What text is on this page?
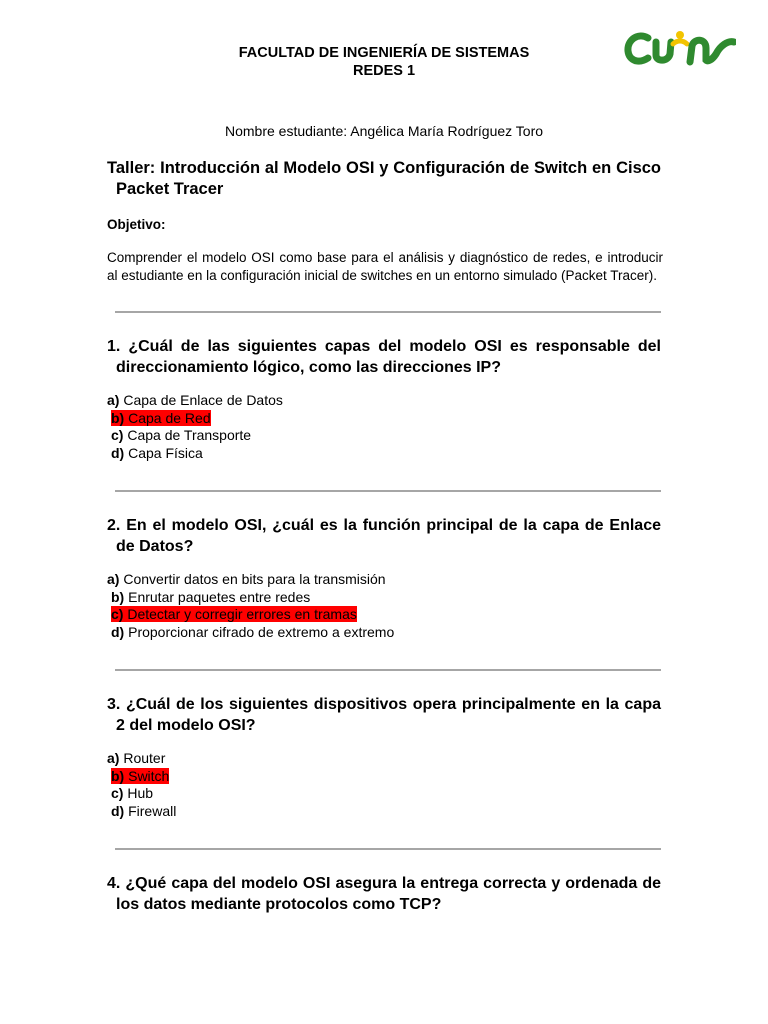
FACULTAD DE INGENIERÍA DE SISTEMAS
REDES 1
Nombre estudiante: Angélica María Rodríguez Toro
Taller: Introducción al Modelo OSI y Configuración de Switch en Cisco Packet Tracer
Objetivo:
Comprender el modelo OSI como base para el análisis y diagnóstico de redes, e introducir
al estudiante en la configuración inicial de switches en un entorno simulado (Packet Tracer).
1. ¿Cuál de las siguientes capas del modelo OSI es responsable del direccionamiento lógico, como las direcciones IP?
a) Capa de Enlace de Datos
b) Capa de Red
c) Capa de Transporte
d) Capa Física
2. En el modelo OSI, ¿cuál es la función principal de la capa de Enlace de Datos?
a) Convertir datos en bits para la transmisión
b) Enrutar paquetes entre redes
c) Detectar y corregir errores en tramas
d) Proporcionar cifrado de extremo a extremo
3. ¿Cuál de los siguientes dispositivos opera principalmente en la capa 2 del modelo OSI?
a) Router
b) Switch
c) Hub
d) Firewall
4. ¿Qué capa del modelo OSI asegura la entrega correcta y ordenada de los datos mediante protocolos como TCP?
